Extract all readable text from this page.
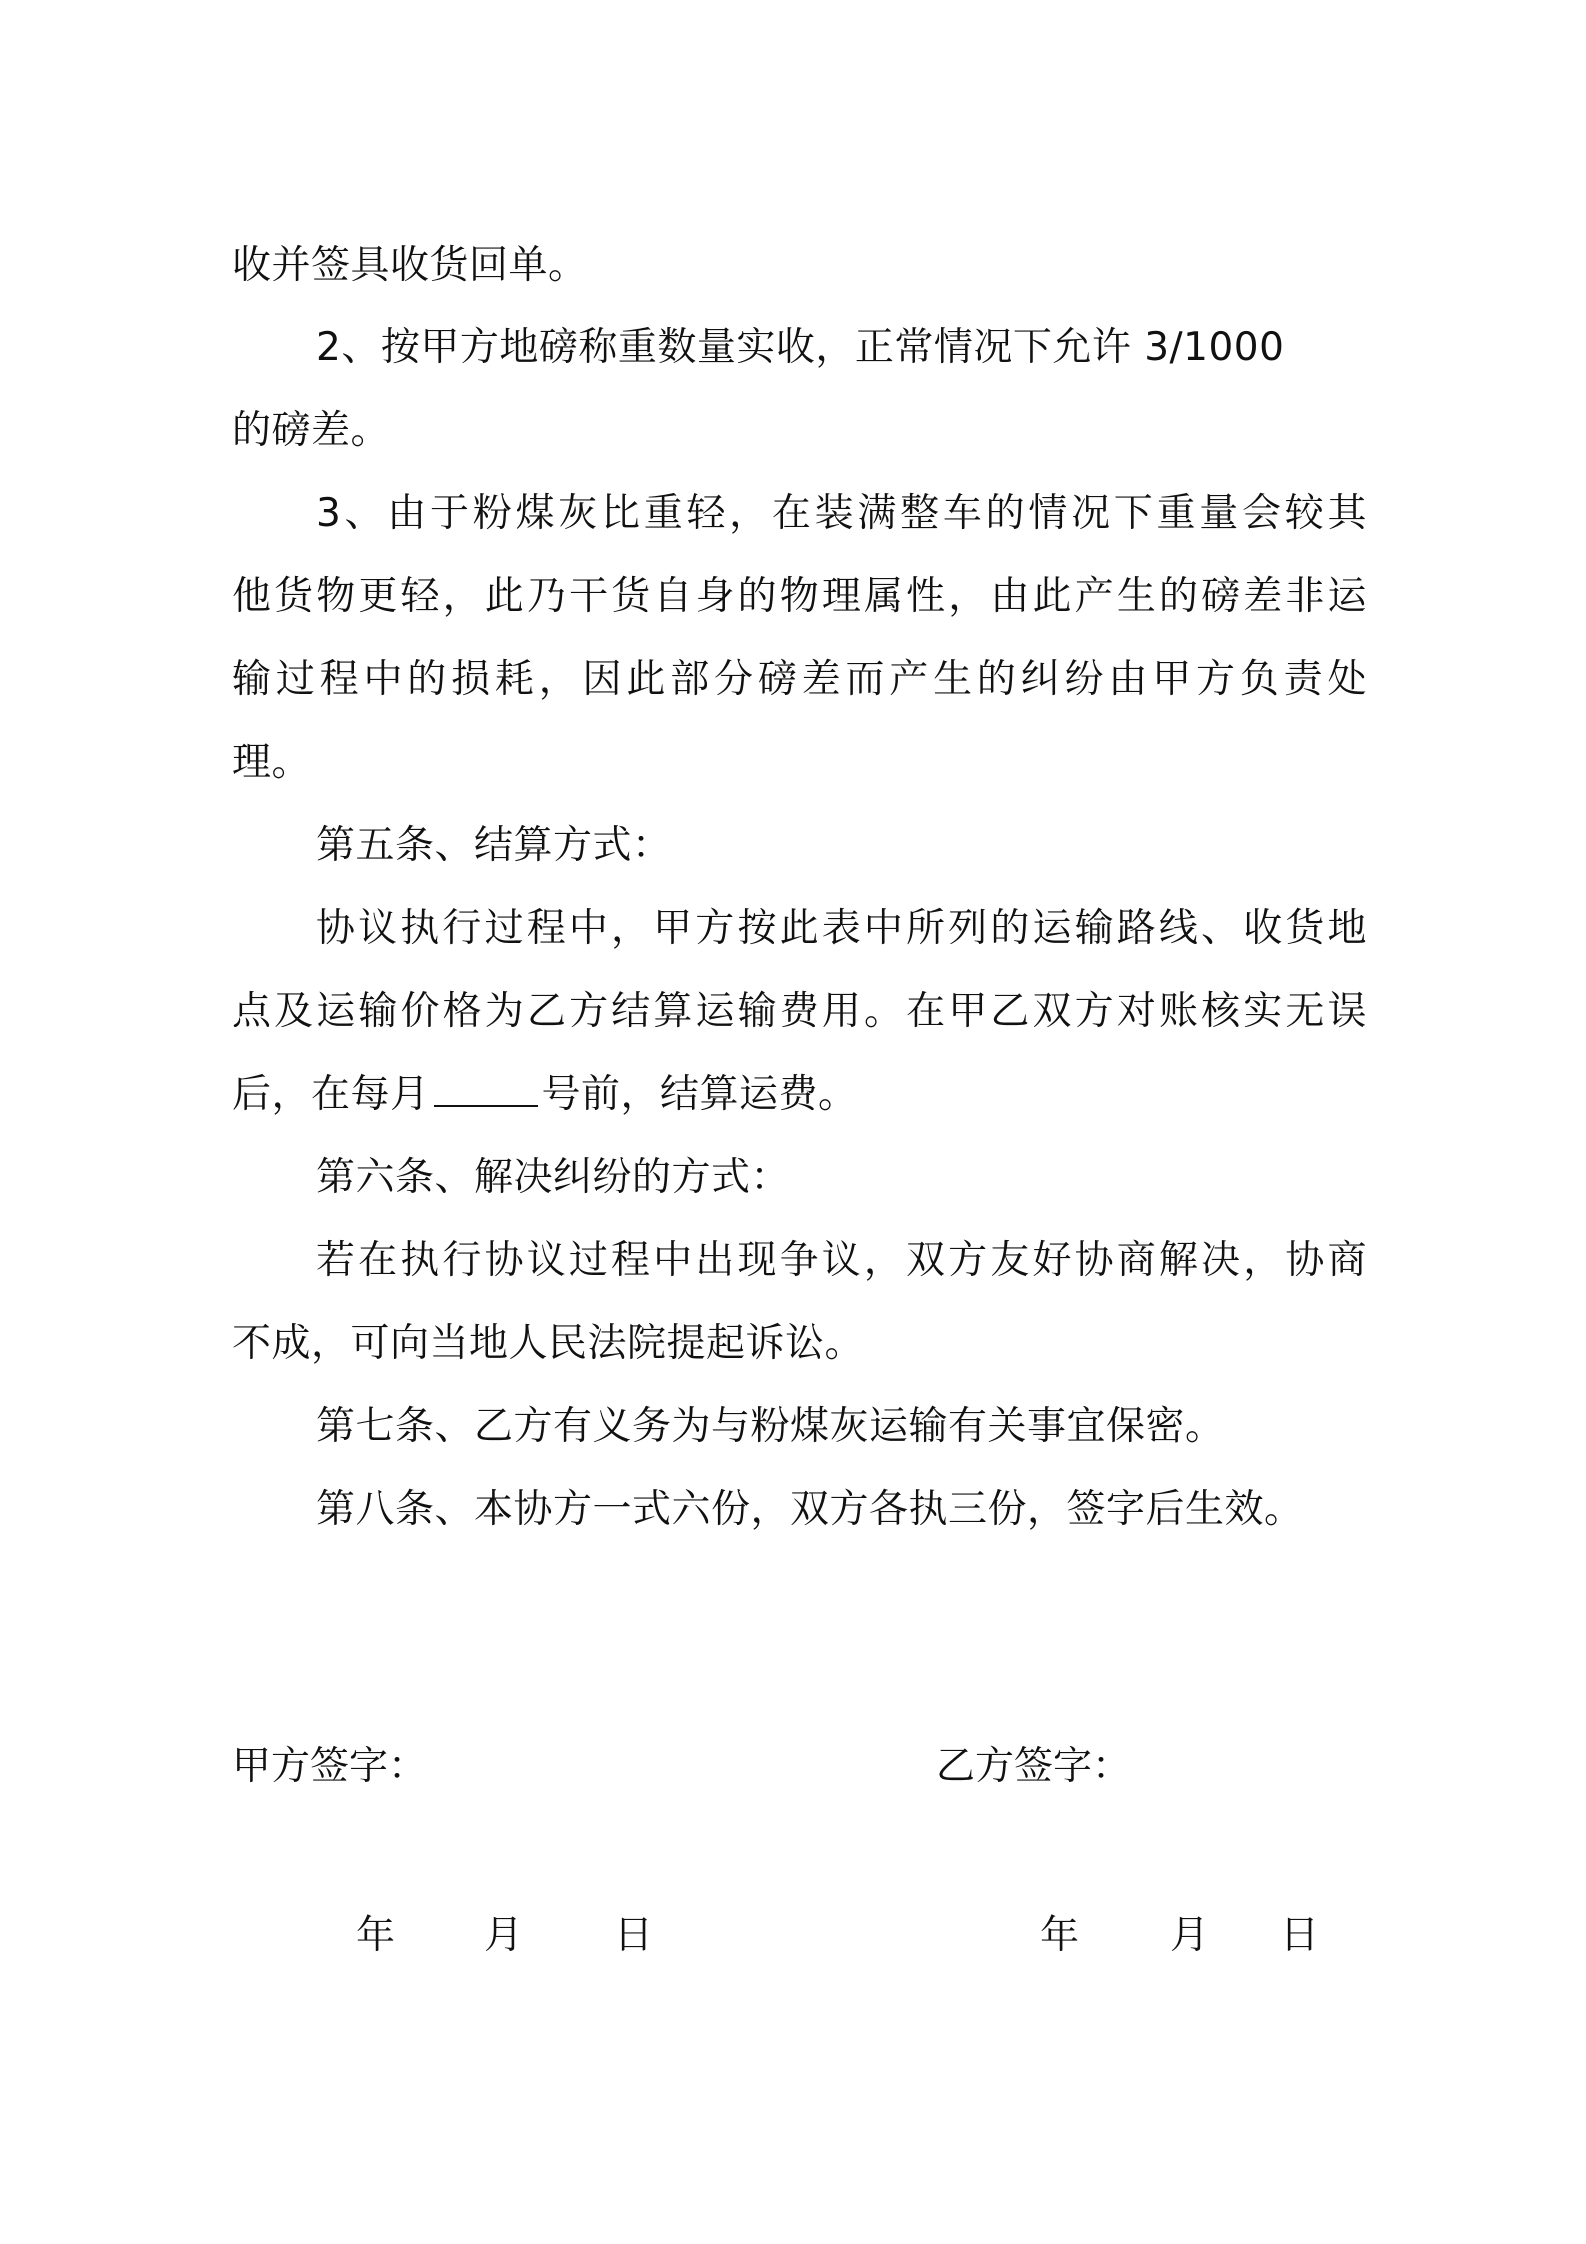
收并签具收货回单。
2、按甲方地磅称重数量实收，正常情况下允许 3/1000
的磅差。
3、由于粉煤灰比重轻，在装满整车的情况下重量会较其
他货物更轻，此乃干货自身的物理属性，由此产生的磅差非运
输过程中的损耗，因此部分磅差而产生的纠纷由甲方负责处
理。
第五条、结算方式：
协议执行过程中，甲方按此表中所列的运输路线、收货地
点及运输价格为乙方结算运输费用。在甲乙双方对账核实无误
后，在每月	号前，结算运费。
第六条、解决纠纷的方式：
若在执行协议过程中出现争议，双方友好协商解决，协商
不成，可向当地人民法院提起诉讼。
第七条、乙方有义务为与粉煤灰运输有关事宜保密。
第八条、本协方一式六份，双方各执三份，签字后生效。
甲方签字：	乙方签字：
年 月 日	年 月 日
